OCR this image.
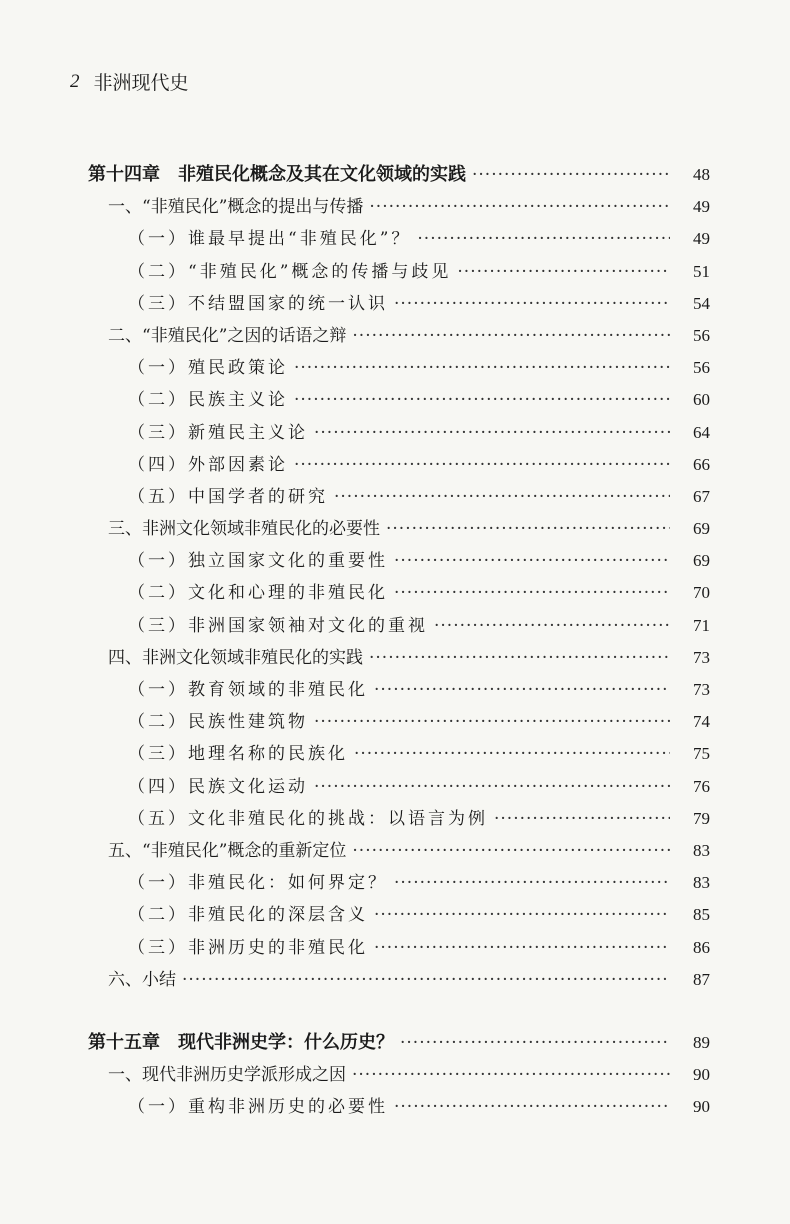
2 非洲现代史
第十四章　非殖民化概念及其在文化领域的实践 ·····	48
一、“非殖民化”概念的提出与传播 ·····	49
（一）谁最早提出“非殖民化”？ ·····	49
（二）“非殖民化”概念的传播与歧见 ·····	51
（三）不结盟国家的统一认识 ·····	54
二、“非殖民化”之因的话语之辩 ·····	56
（一）殖民政策论 ·····	56
（二）民族主义论 ·····	60
（三）新殖民主义论 ·····	64
（四）外部因素论 ·····	66
（五）中国学者的研究 ·····	67
三、非洲文化领域非殖民化的必要性 ·····	69
（一）独立国家文化的重要性 ·····	69
（二）文化和心理的非殖民化 ·····	70
（三）非洲国家领袖对文化的重视 ·····	71
四、非洲文化领域非殖民化的实践 ·····	73
（一）教育领域的非殖民化 ·····	73
（二）民族性建筑物 ·····	74
（三）地理名称的民族化 ·····	75
（四）民族文化运动 ·····	76
（五）文化非殖民化的挑战：以语言为例 ·····	79
五、“非殖民化”概念的重新定位 ·····	83
（一）非殖民化：如何界定？ ·····	83
（二）非殖民化的深层含义 ·····	85
（三）非洲历史的非殖民化 ·····	86
六、小结 ·····	87
第十五章　现代非洲史学：什么历史？ ·····	89
一、现代非洲历史学派形成之因 ·····	90
（一）重构非洲历史的必要性 ·····	90
